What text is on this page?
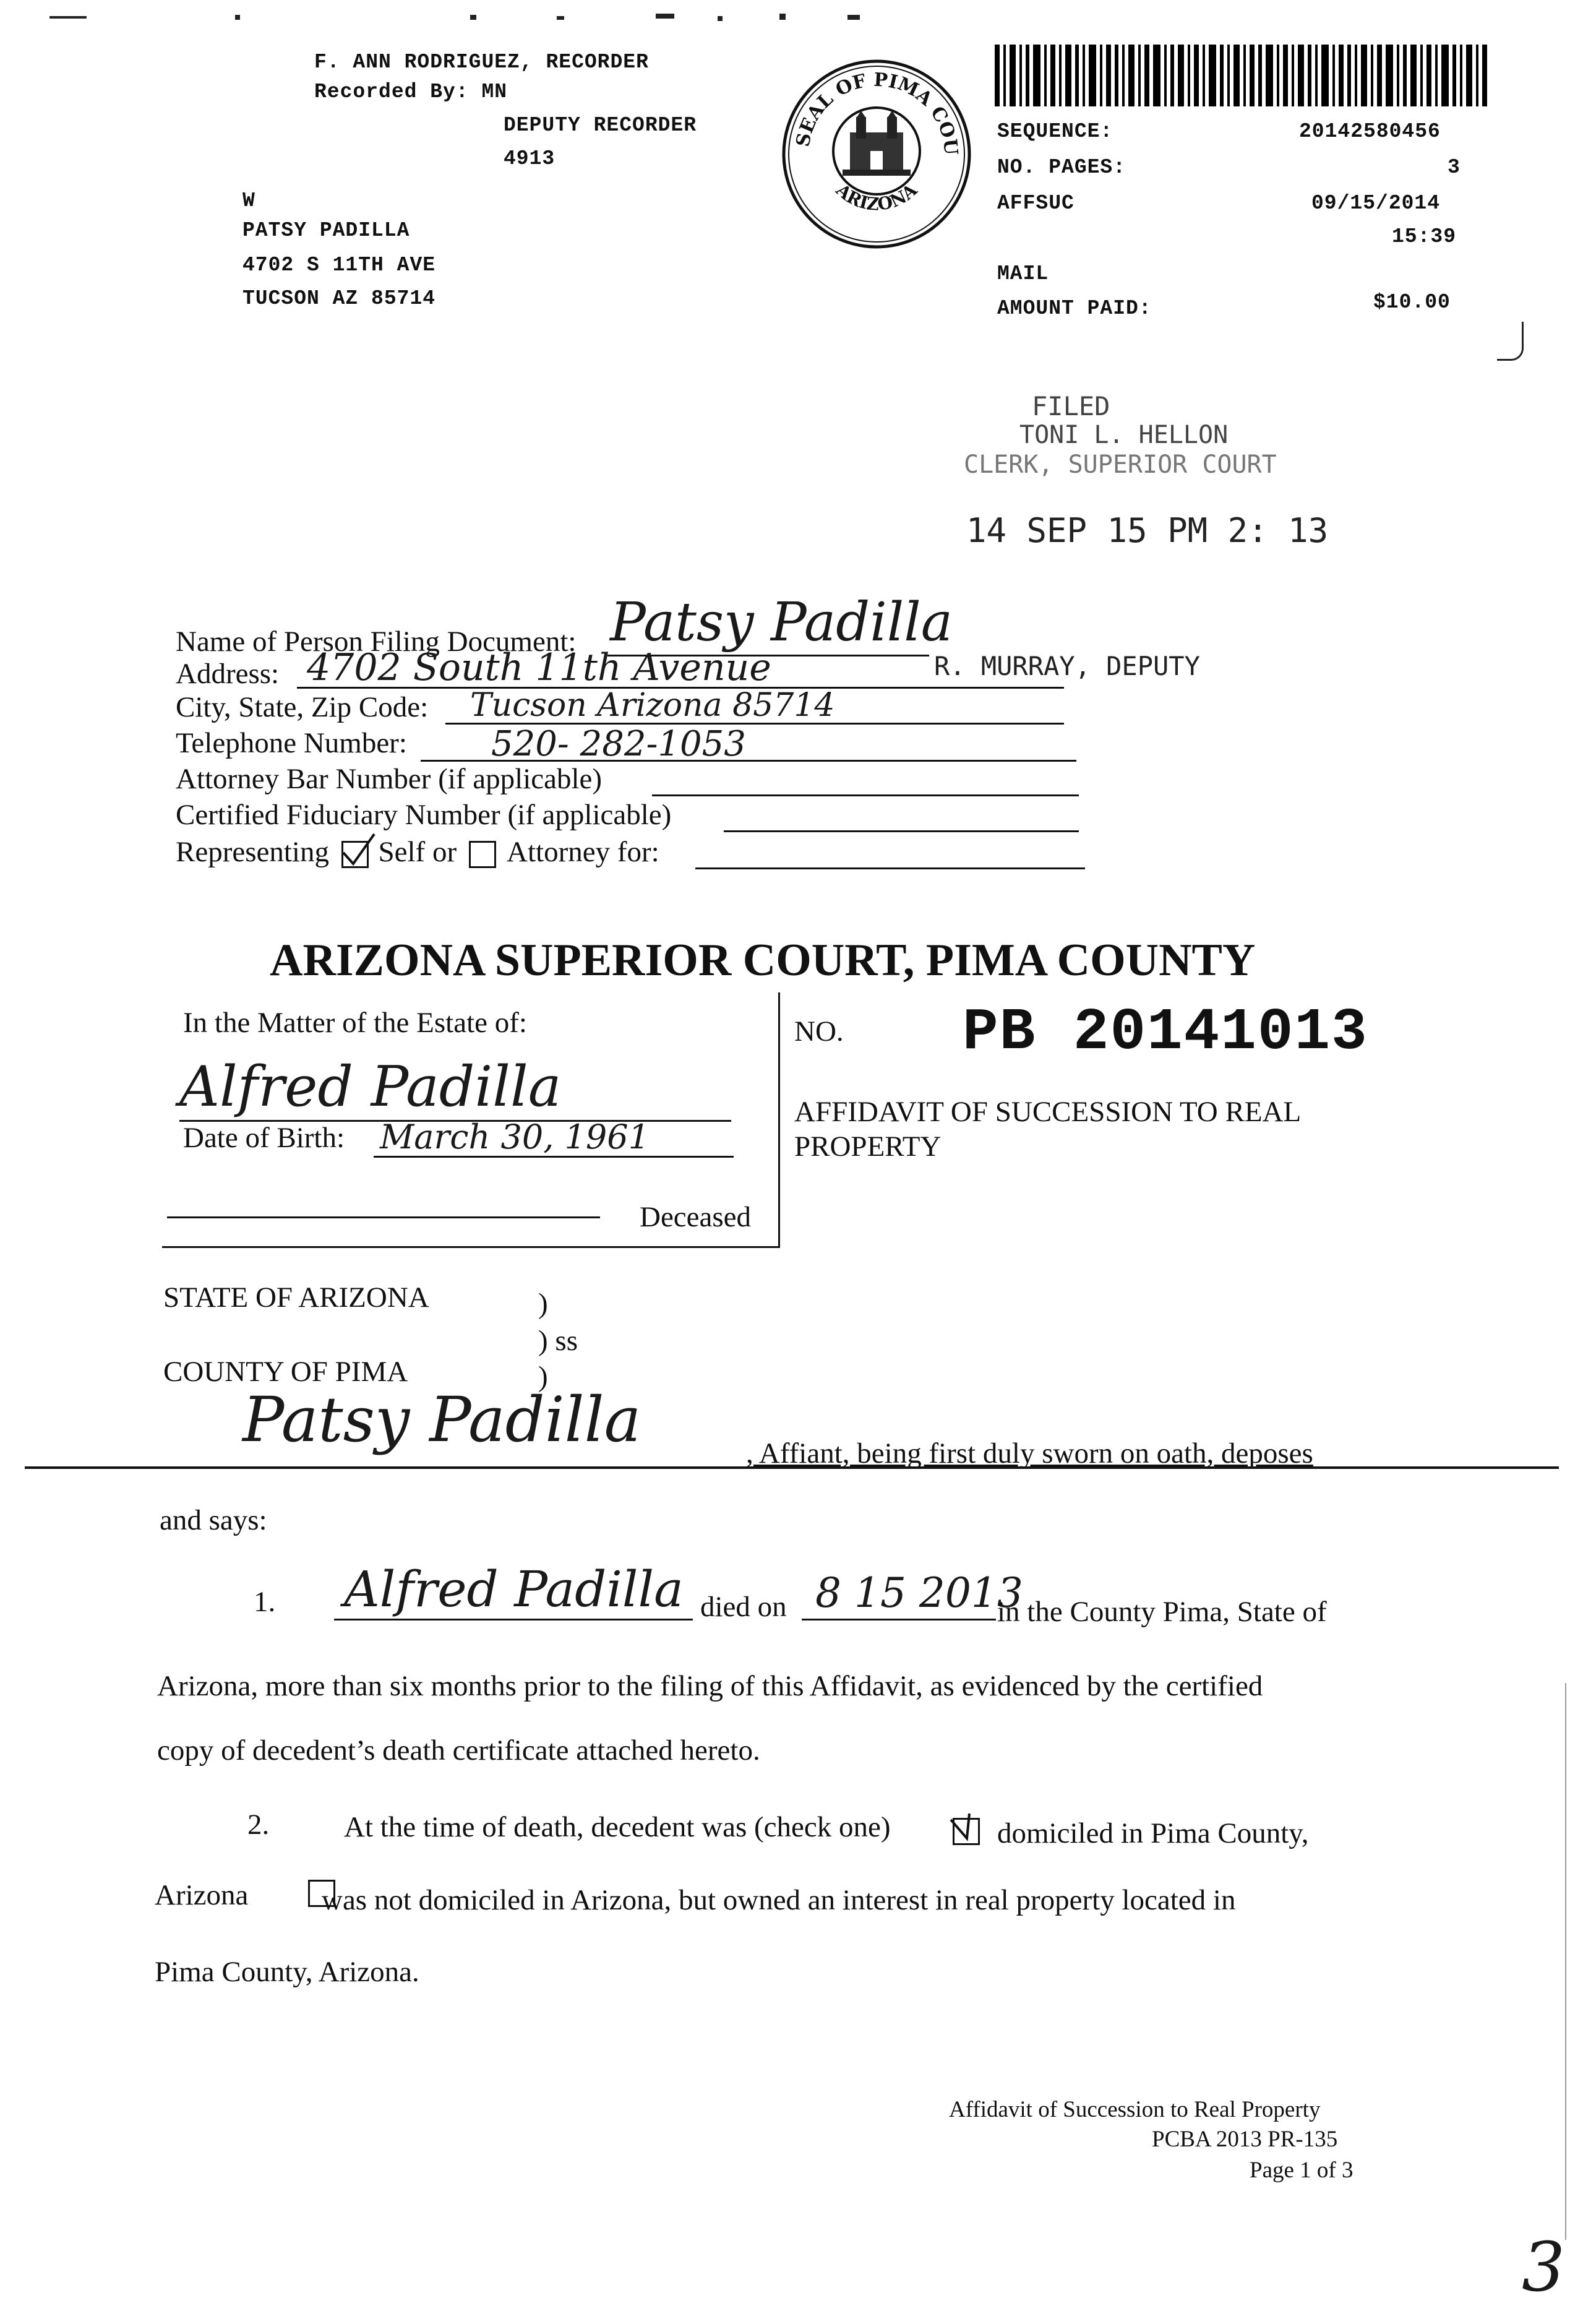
F. ANN RODRIGUEZ, RECORDER
Recorded By: MN
DEPUTY RECORDER
4913
W
PATSY PADILLA
4702 S 11TH AVE
TUCSON AZ 85714
SEAL OF PIMA COU
ARIZONA
SEQUENCE:	20142580456
NO. PAGES:	3
AFFSUC	09/15/2014
15:39
MAIL
AMOUNT PAID:	$10.00
FILED
TONI L. HELLON
CLERK, SUPERIOR COURT
14 SEP 15 PM 2: 13
Name of Person Filing Document: Patsy Padilla
R. MURRAY, DEPUTY
Address: 4702 South 11th Avenue
City, State, Zip Code: Tucson Arizona 85714
Telephone Number: 520- 282-1053
Attorney Bar Number (if applicable)
Certified Fiduciary Number (if applicable)
Representing Self or Attorney for:
ARIZONA SUPERIOR COURT, PIMA COUNTY
In the Matter of the Estate of:
Alfred Padilla
Date of Birth: March 30, 1961
Deceased
NO. PB 20141013
AFFIDAVIT OF SUCCESSION TO REAL
PROPERTY
STATE OF ARIZONA	)
) ss
COUNTY OF PIMA	)
Patsy Padilla	, Affiant, being first duly sworn on oath, deposes
and says:
1. Alfred Padilla died on 8 15 2013
in the County Pima, State of
Arizona, more than six months prior to the filing of this Affidavit, as evidenced by the certified
copy of decedent’s death certificate attached hereto.
2.	At the time of death, decedent was (check one)
	domiciled in Pima County,
Arizona	was not domiciled in Arizona, but owned an interest in real property located in
Pima County, Arizona.
Affidavit of Succession to Real Property
PCBA 2013 PR-135
Page 1 of 3
3
